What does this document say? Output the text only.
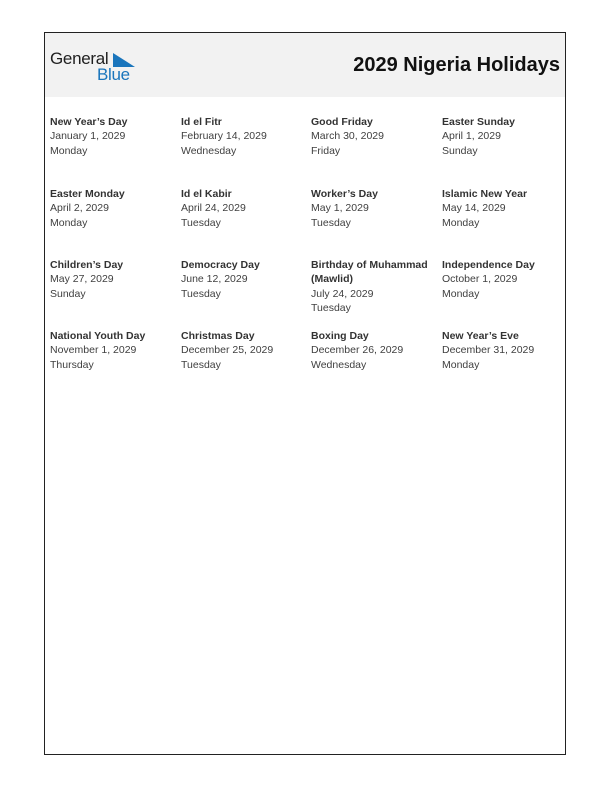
General
Blue	2029 Nigeria Holidays
New Year’s Day
January 1, 2029
Monday
Id el Fitr
February 14, 2029
Wednesday
Good Friday
March 30, 2029
Friday
Easter Sunday
April 1, 2029
Sunday
Easter Monday
April 2, 2029
Monday
Id el Kabir
April 24, 2029
Tuesday
Worker’s Day
May 1, 2029
Tuesday
Islamic New Year
May 14, 2029
Monday
Children’s Day
May 27, 2029
Sunday
Democracy Day
June 12, 2029
Tuesday
Birthday of Muhammad (Mawlid)
July 24, 2029
Tuesday
Independence Day
October 1, 2029
Monday
National Youth Day
November 1, 2029
Thursday
Christmas Day
December 25, 2029
Tuesday
Boxing Day
December 26, 2029
Wednesday
New Year’s Eve
December 31, 2029
Monday
